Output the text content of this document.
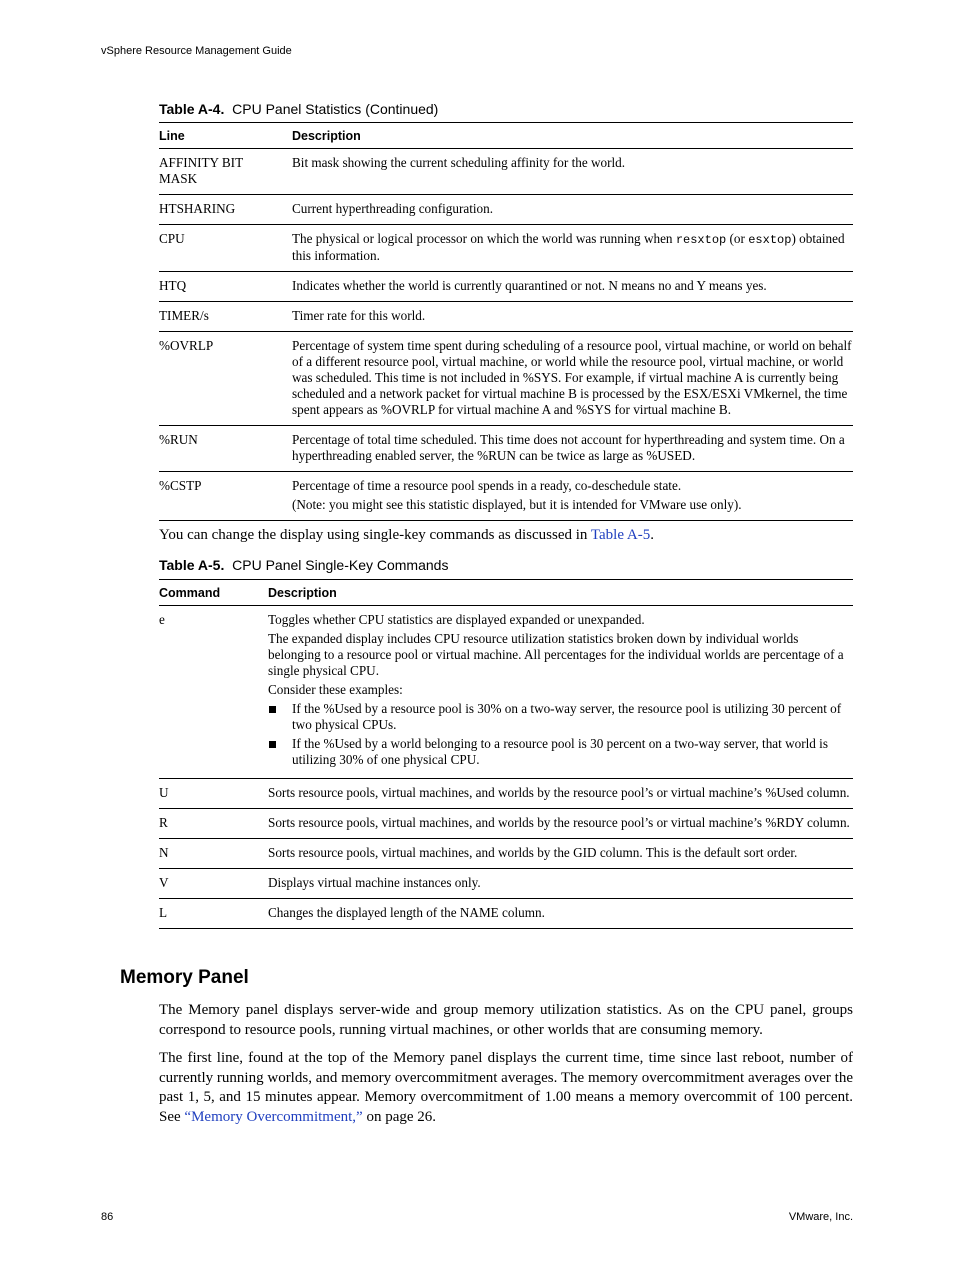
vSphere Resource Management Guide
Table A-4. CPU Panel Statistics (Continued)
Line	Description
AFFINITY BIT
MASK	Bit mask showing the current scheduling affinity for the world.
HTSHARING	Current hyperthreading configuration.
CPU	The physical or logical processor on which the world was running when resxtop (or esxtop) obtained this information.
HTQ	Indicates whether the world is currently quarantined or not. N means no and Y means yes.
TIMER/s	Timer rate for this world.
%OVRLP	Percentage of system time spent during scheduling of a resource pool, virtual machine, or world on behalf of a different resource pool, virtual machine, or world while the resource pool, virtual machine, or world was scheduled. This time is not included in %SYS. For example, if virtual machine A is currently being scheduled and a network packet for virtual machine B is processed by the ESX/ESXi VMkernel, the time spent appears as %OVRLP for virtual machine A and %SYS for virtual machine B.
%RUN	Percentage of total time scheduled. This time does not account for hyperthreading and system time. On a hyperthreading enabled server, the %RUN can be twice as large as %USED.
%CSTP	Percentage of time a resource pool spends in a ready, co-deschedule state.

(Note: you might see this statistic displayed, but it is intended for VMware use only).

You can change the display using single-key commands as discussed in Table A-5.
Table A-5. CPU Panel Single-Key Commands
Command	Description
e	Toggles whether CPU statistics are displayed expanded or unexpanded.

The expanded display includes CPU resource utilization statistics broken down by individual worlds belonging to a resource pool or virtual machine. All percentages for the individual worlds are percentage of a single physical CPU.

Consider these examples:

If the %Used by a resource pool is 30% on a two-way server, the resource pool is utilizing 30 percent of two physical CPUs.
If the %Used by a world belonging to a resource pool is 30 percent on a two-way server, that world is utilizing 30% of one physical CPU.

U	Sorts resource pools, virtual machines, and worlds by the resource pool’s or virtual machine’s %Used column.
R	Sorts resource pools, virtual machines, and worlds by the resource pool’s or virtual machine’s %RDY column.
N	Sorts resource pools, virtual machines, and worlds by the GID column. This is the default sort order.
V	Displays virtual machine instances only.
L	Changes the displayed length of the NAME column.
Memory Panel
The Memory panel displays server-wide and group memory utilization statistics. As on the CPU panel, groups correspond to resource pools, running virtual machines, or other worlds that are consuming memory.
The first line, found at the top of the Memory panel displays the current time, time since last reboot, number of currently running worlds, and memory overcommitment averages. The memory overcommitment averages over the past 1, 5, and 15 minutes appear. Memory overcommitment of 1.00 means a memory overcommit of 100 percent. See “Memory Overcommitment,” on page 26.
86	VMware, Inc.
